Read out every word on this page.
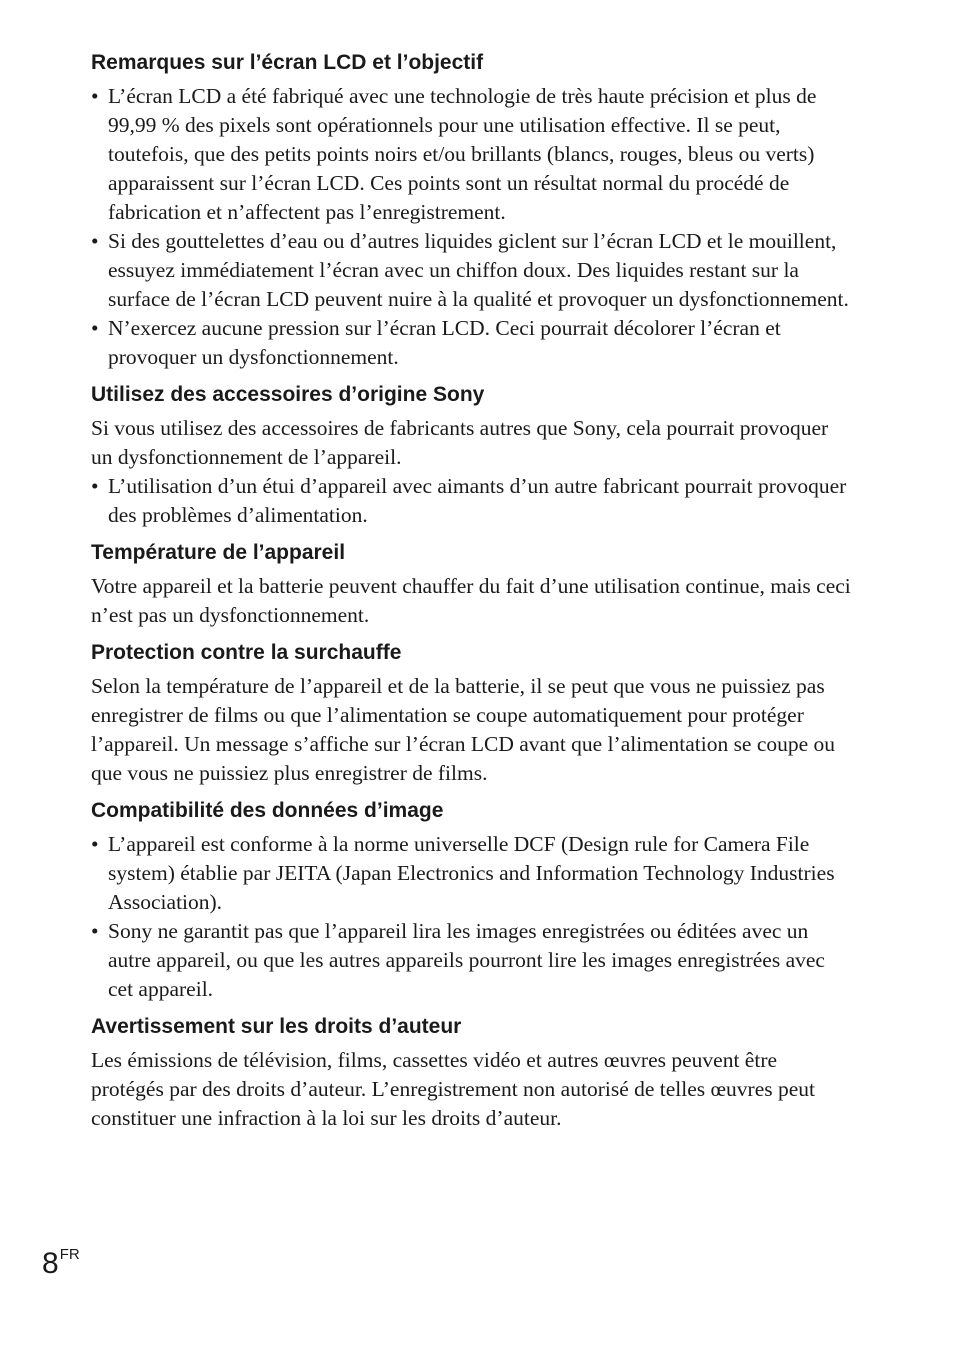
Remarques sur l’écran LCD et l’objectif
• L’écran LCD a été fabriqué avec une technologie de très haute précision et plus de 99,99 % des pixels sont opérationnels pour une utilisation effective. Il se peut, toutefois, que des petits points noirs et/ou brillants (blancs, rouges, bleus ou verts) apparaissent sur l’écran LCD. Ces points sont un résultat normal du procédé de fabrication et n’affectent pas l’enregistrement.
• Si des gouttelettes d’eau ou d’autres liquides giclent sur l’écran LCD et le mouillent, essuyez immédiatement l’écran avec un chiffon doux. Des liquides restant sur la surface de l’écran LCD peuvent nuire à la qualité et provoquer un dysfonctionnement.
• N’exercez aucune pression sur l’écran LCD. Ceci pourrait décolorer l’écran et provoquer un dysfonctionnement.
Utilisez des accessoires d’origine Sony

Si vous utilisez des accessoires de fabricants autres que Sony, cela pourrait provoquer un dysfonctionnement de l’appareil.

• L’utilisation d’un étui d’appareil avec aimants d’un autre fabricant pourrait provoquer des problèmes d’alimentation.
Température de l’appareil

Votre appareil et la batterie peuvent chauffer du fait d’une utilisation continue, mais ceci n’est pas un dysfonctionnement.

Protection contre la surchauffe

Selon la température de l’appareil et de la batterie, il se peut que vous ne puissiez pas enregistrer de films ou que l’alimentation se coupe automatiquement pour protéger l’appareil. Un message s’affiche sur l’écran LCD avant que l’alimentation se coupe ou que vous ne puissiez plus enregistrer de films.

Compatibilité des données d’image
• L’appareil est conforme à la norme universelle DCF (Design rule for Camera File system) établie par JEITA (Japan Electronics and Information Technology Industries Association).
• Sony ne garantit pas que l’appareil lira les images enregistrées ou éditées avec un autre appareil, ou que les autres appareils pourront lire les images enregistrées avec cet appareil.
Avertissement sur les droits d’auteur

Les émissions de télévision, films, cassettes vidéo et autres œuvres peuvent être protégés par des droits d’auteur. L’enregistrement non autorisé de telles œuvres peut constituer une infraction à la loi sur les droits d’auteur.

$8^{FR}$
